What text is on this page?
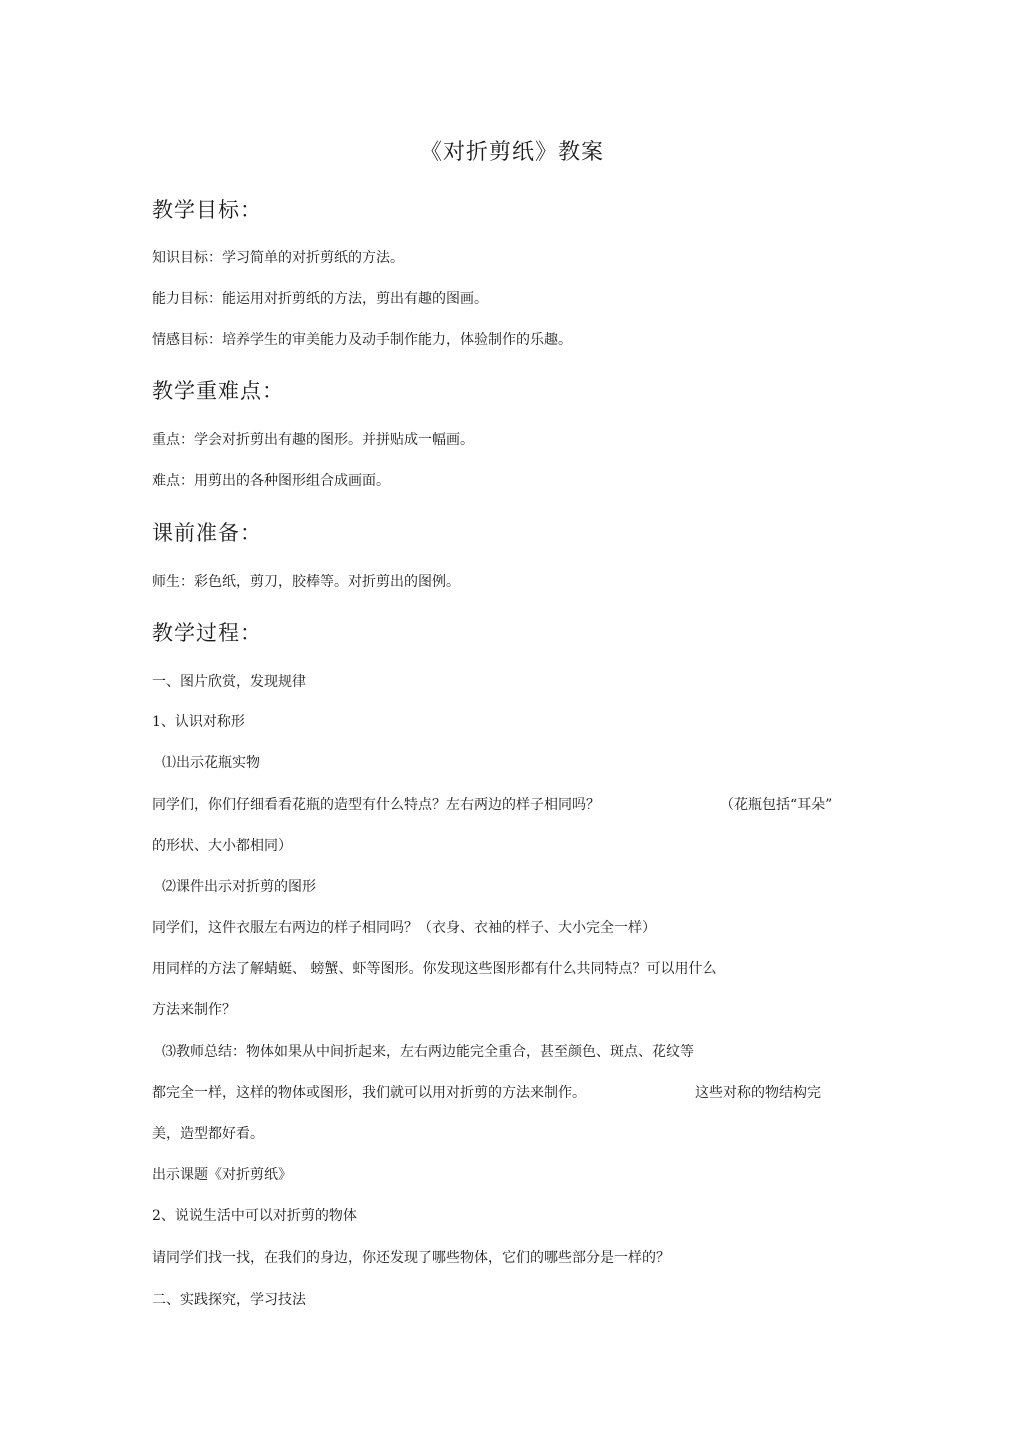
《对折剪纸》教案
教学目标：
知识目标：学习简单的对折剪纸的方法。
能力目标：能运用对折剪纸的方法，剪出有趣的图画。
情感目标：培养学生的审美能力及动手制作能力，体验制作的乐趣。
教学重难点：
重点：学会对折剪出有趣的图形。并拼贴成一幅画。
难点：用剪出的各种图形组合成画面。
课前准备：
师生：彩色纸，剪刀，胶棒等。对折剪出的图例。
教学过程：
一、图片欣赏，发现规律
1、认识对称形
⑴出示花瓶实物
同学们，你们仔细看看花瓶的造型有什么特点？左右两边的样子相同吗？	（花瓶包括“耳朵”
的形状、大小都相同）
⑵课件出示对折剪的图形
同学们，这件衣服左右两边的样子相同吗？（衣身、衣袖的样子、大小完全一样）
用同样的方法了解蜻蜓、 螃蟹、虾等图形。你发现这些图形都有什么共同特点？可以用什么
方法来制作？
⑶教师总结：物体如果从中间折起来，左右两边能完全重合，甚至颜色、斑点、花纹等
都完全一样，这样的物体或图形，我们就可以用对折剪的方法来制作。	这些对称的物结构完
美，造型都好看。
出示课题《对折剪纸》
2、说说生活中可以对折剪的物体
请同学们找一找，在我们的身边，你还发现了哪些物体，它们的哪些部分是一样的？
二、实践探究，学习技法
